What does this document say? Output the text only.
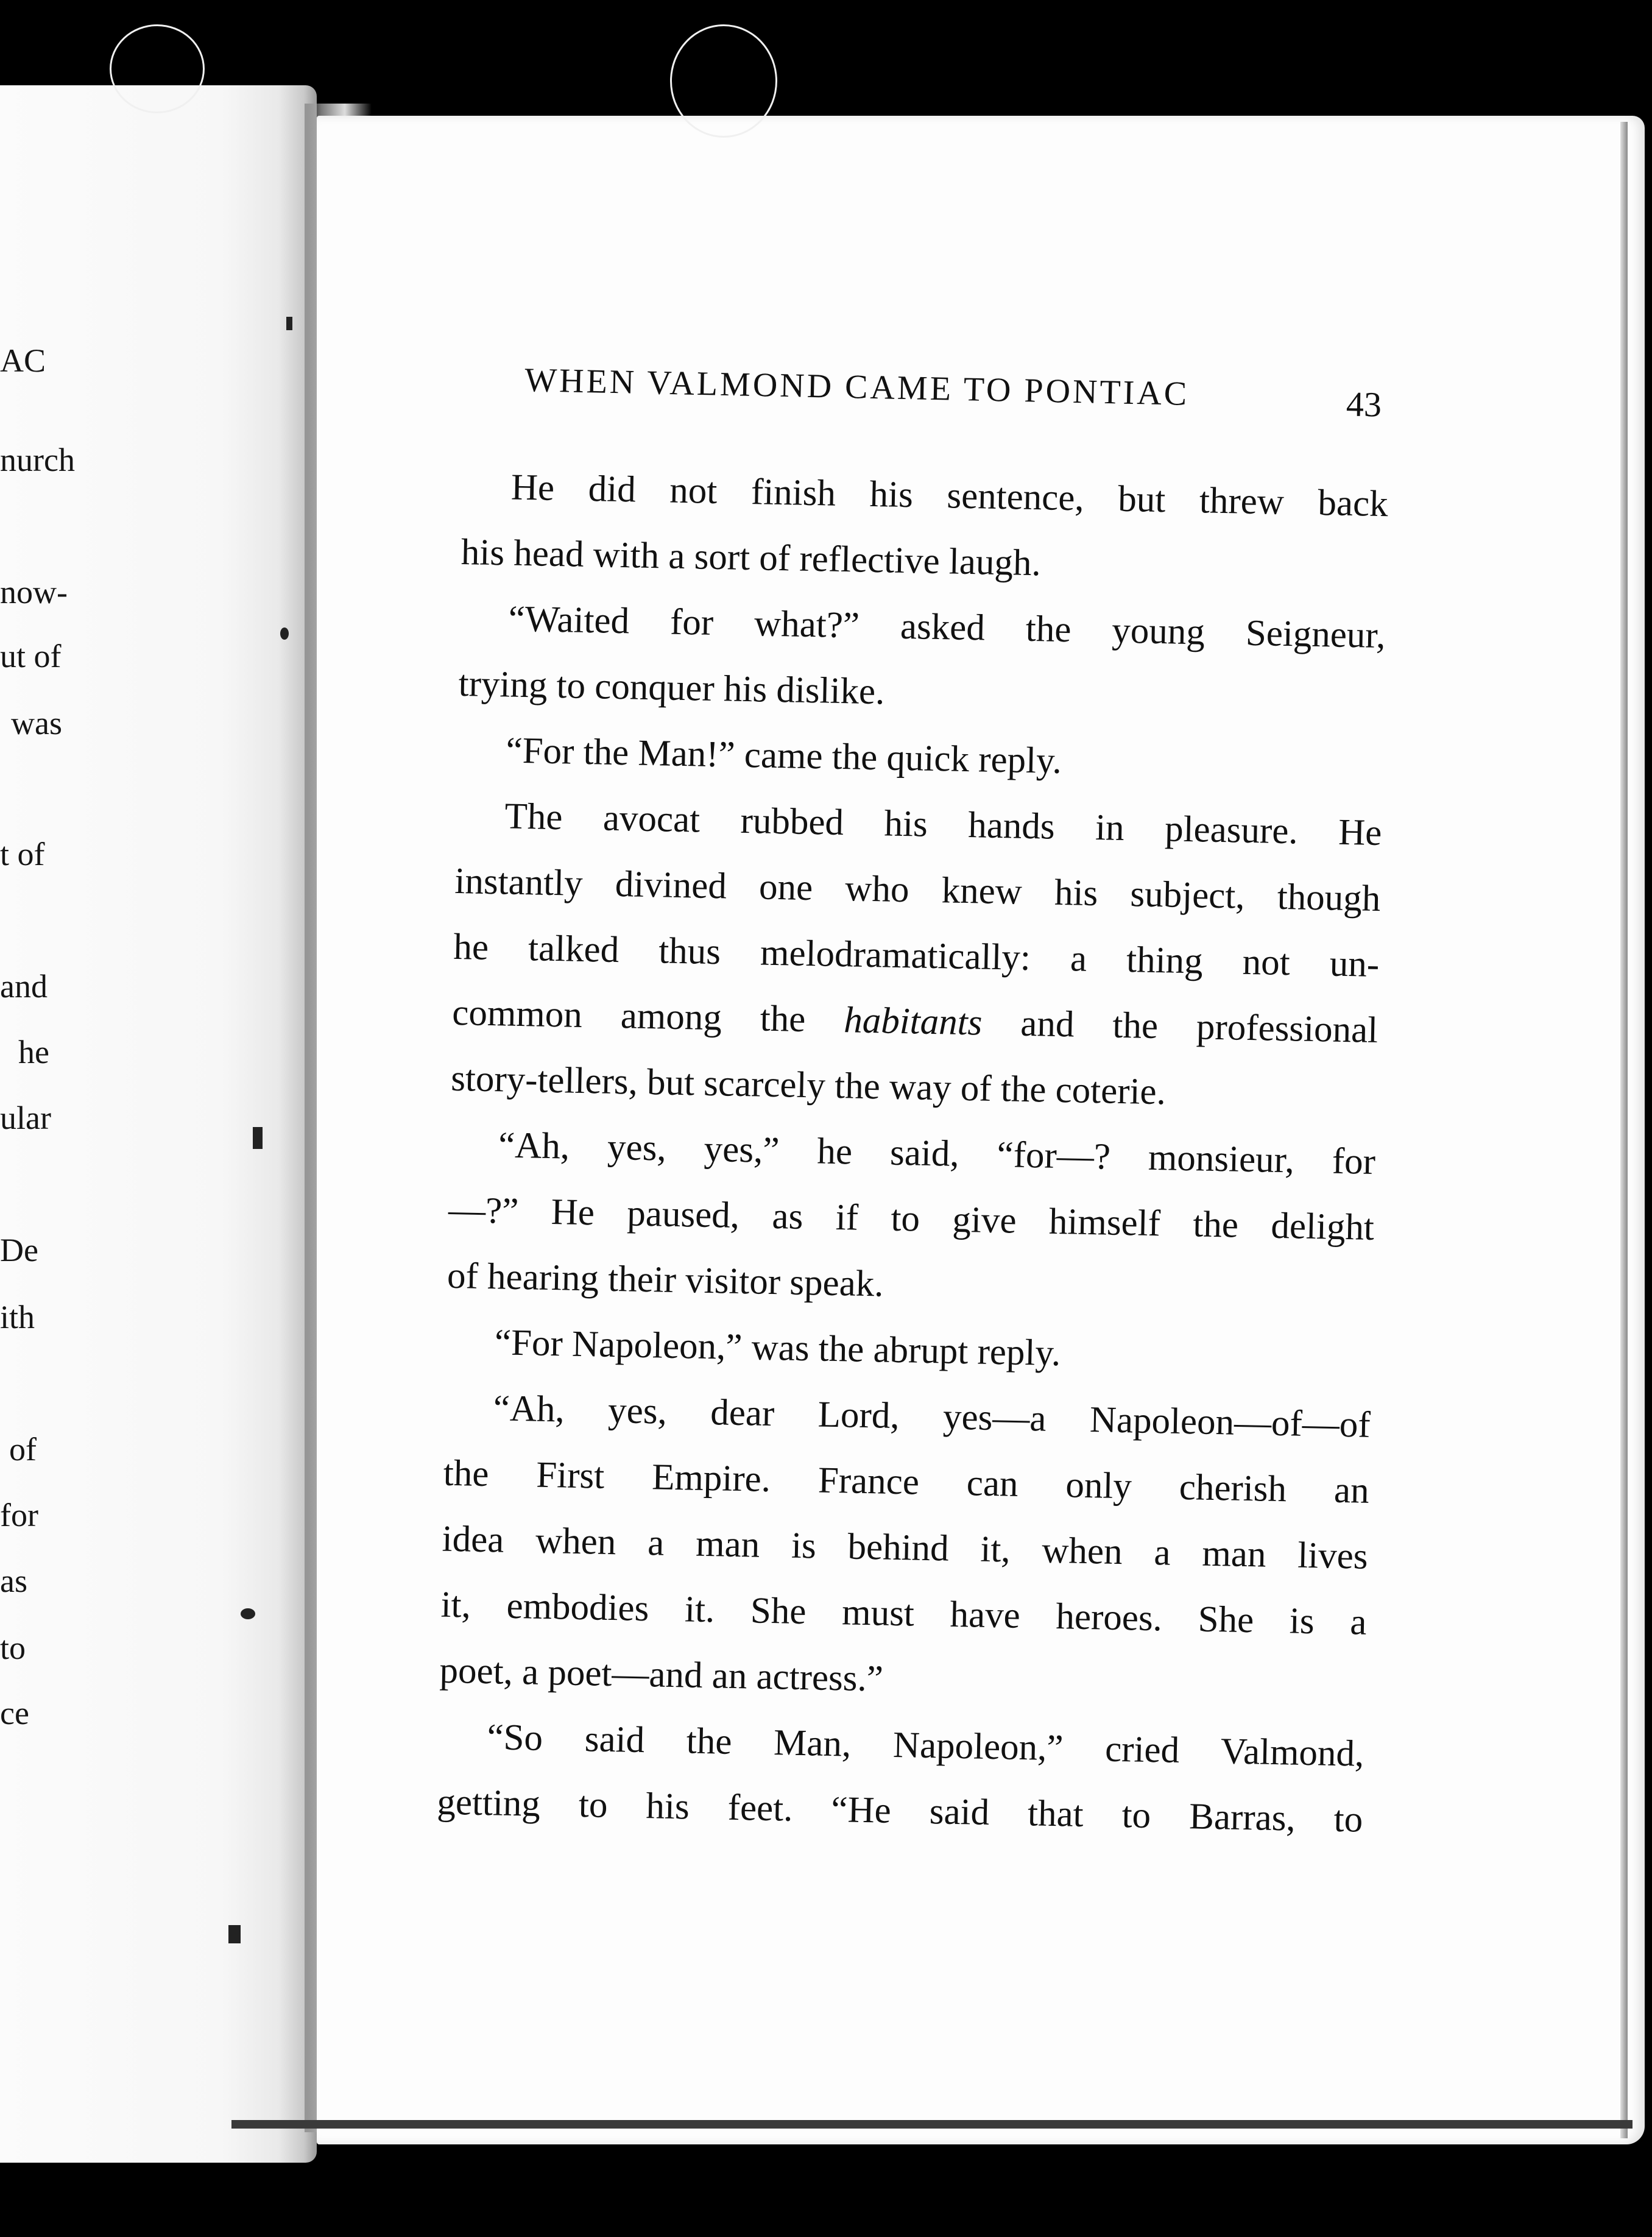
AC
nurch
now-
ut of
was
t of
and
he
ular
De
ith
of
for
as
to
ce
WHEN VALMOND CAME TO PONTIAC	43
He did not finish his sentence, but threw back
his head with a sort of reflective laugh.
“Waited for what?” asked the young Seigneur,
trying to conquer his dislike.
“For the Man!” came the quick reply.
The avocat rubbed his hands in pleasure. He
instantly divined one who knew his subject, though
he talked thus melodramatically: a thing not un-
common among the habitants and the professional
story-tellers, but scarcely the way of the coterie.
“Ah, yes, yes,” he said, “for—? monsieur, for
—?” He paused, as if to give himself the delight
of hearing their visitor speak.
“For Napoleon,” was the abrupt reply.
“Ah, yes, dear Lord, yes—a Napoleon—of—of
the First Empire. France can only cherish an
idea when a man is behind it, when a man lives
it, embodies it. She must have heroes. She is a
poet, a poet—and an actress.”
“So said the Man, Napoleon,” cried Valmond,
getting to his feet. “He said that to Barras, to
